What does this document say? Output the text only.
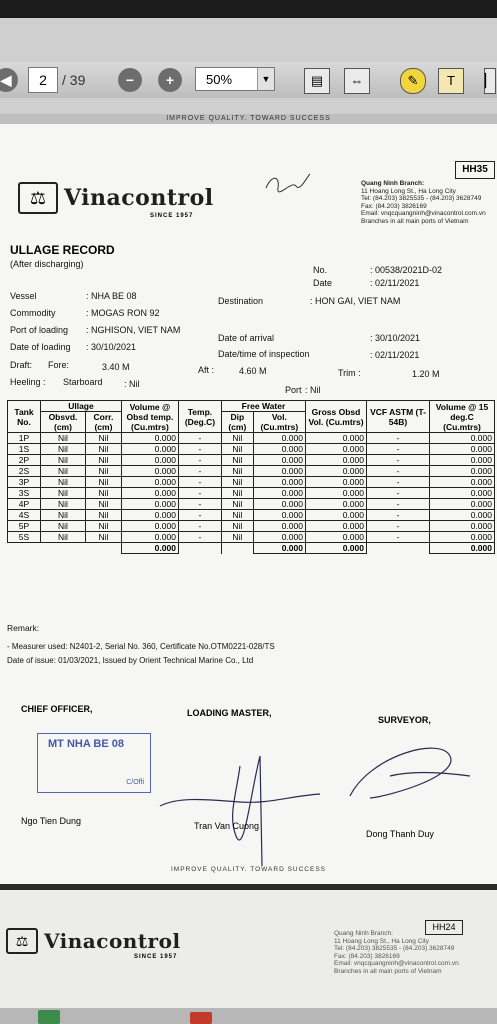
◀	2	/ 39	−	+	50%	▼	▤	⇔	✎	T	▏
IMPROVE QUALITY. TOWARD SUCCESS
HH35
⚖ Vinacontrol
SINCE 1957
Quang Ninh Branch:
11 Hoang Long St., Ha Long City
Tel: (84.203) 3825535 - (84.203) 3628749
Fax: (84.203) 3826169
Email: vnqcquangninh@vinacontrol.com.vn
Branches in all main ports of Vietnam
ULLAGE RECORD
(After discharging)
No.	: 00538/2021D-02
Date	: 02/11/2021
Vessel	: NHA BE 08	Destination	: HON GAI, VIET NAM
Commodity	: MOGAS RON 92
Port of loading : NGHISON, VIET NAM
Date of arrival	: 30/10/2021
Date of loading : 30/10/2021
Date/time of inspection	: 02/11/2021
Draft: Fore:	3.40 M	Aft :	4.60 M	Trim :	1.20 M
Heeling : Starboard : Nil
Port : Nil
Tank No.	Ullage		Volume @ Obsd temp. (Cu.mtrs)	Temp. (Deg.C)	Free Water		Gross Obsd Vol. (Cu.mtrs)	VCF ASTM (T-54B)	Volume @ 15 deg.C (Cu.mtrs)
	Obsvd. (cm)	Corr. (cm)			Dip (cm)	Vol. (Cu.mtrs)			
1P	Nil	Nil	0.000	-	Nil	0.000	0.000	-	0.000
1S	Nil	Nil	0.000	-	Nil	0.000	0.000	-	0.000
2P	Nil	Nil	0.000	-	Nil	0.000	0.000	-	0.000
2S	Nil	Nil	0.000	-	Nil	0.000	0.000	-	0.000
3P	Nil	Nil	0.000	-	Nil	0.000	0.000	-	0.000
3S	Nil	Nil	0.000	-	Nil	0.000	0.000	-	0.000
4P	Nil	Nil	0.000	-	Nil	0.000	0.000	-	0.000
4S	Nil	Nil	0.000	-	Nil	0.000	0.000	-	0.000
5P	Nil	Nil	0.000	-	Nil	0.000	0.000	-	0.000
5S	Nil	Nil	0.000	-	Nil	0.000	0.000	-	0.000
			0.000			0.000	0.000		0.000
Remark:
- Measurer used: N2401-2, Serial No. 360, Certificate No.OTM0221-028/TS
Date of issue: 01/03/2021, Issued by Orient Technical Marine Co., Ltd
CHIEF OFFICER,	LOADING MASTER,
SURVEYOR,
MT NHA BE 08
C/Offi
Ngo Tien Dung	Tran Van Cuong
Dong Thanh Duy
IMPROVE QUALITY. TOWARD SUCCESS
HH24
⚖ Vinacontrol
SINCE 1957
Quang Ninh Branch:
11 Hoang Long St., Ha Long City
Tel: (84.203) 3825535 - (84.203) 3628749
Fax: (84.203) 3826169
Email: vnqcquangninh@vinacontrol.com.vn
Branches in all main ports of Vietnam
